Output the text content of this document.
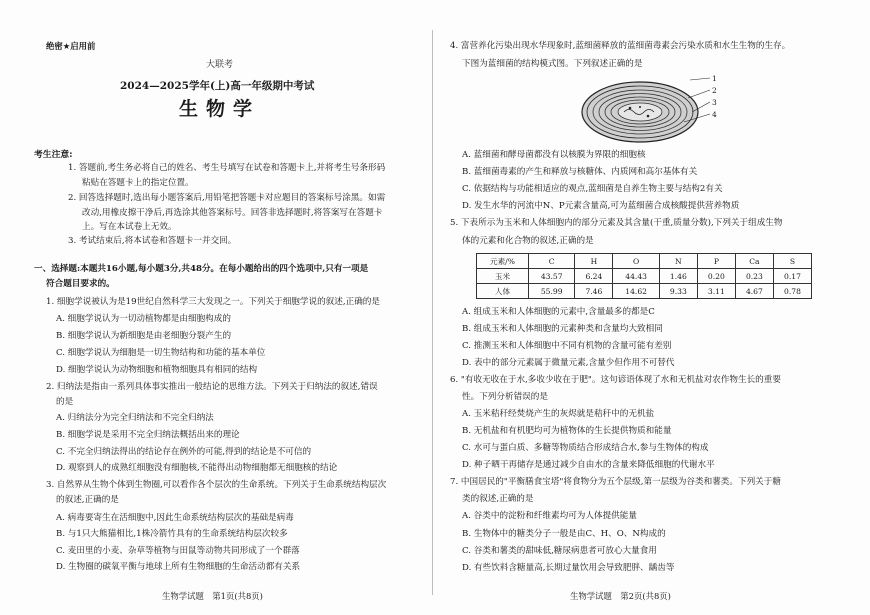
绝密★启用前
大联考
2024—2025学年(上)高一年级期中考试
生物学
考生注意:
1. 答题前,考生务必将自己的姓名、考生号填写在试卷和答题卡上,并将考生号条形码
粘贴在答题卡上的指定位置。
2. 回答选择题时,选出每小题答案后,用铅笔把答题卡对应题目的答案标号涂黑。如需
改动,用橡皮擦干净后,再选涂其他答案标号。回答非选择题时,将答案写在答题卡
上。写在本试卷上无效。
3. 考试结束后,将本试卷和答题卡一并交回。
一、选择题:本题共16小题,每小题3分,共48分。在每小题给出的四个选项中,只有一项是
符合题目要求的。
1. 细胞学说被认为是19世纪自然科学三大发现之一。下列关于细胞学说的叙述,正确的是
A. 细胞学说认为一切动植物都是由细胞构成的
B. 细胞学说认为新细胞是由老细胞分裂产生的
C. 细胞学说认为细胞是一切生物结构和功能的基本单位
D. 细胞学说认为动物细胞和植物细胞具有相同的结构
2. 归纳法是指由一系列具体事实推出一般结论的思维方法。下列关于归纳法的叙述,错误
的是
A. 归纳法分为完全归纳法和不完全归纳法
B. 细胞学说是采用不完全归纳法概括出来的理论
C. 不完全归纳法得出的结论存在例外的可能,得到的结论是不可信的
D. 观察到人的成熟红细胞没有细胞核,不能得出动物细胞都无细胞核的结论
3. 自然界从生物个体到生物圈,可以看作各个层次的生命系统。下列关于生命系统结构层次
的叙述,正确的是
A. 病毒要寄生在活细胞中,因此生命系统结构层次的基础是病毒
B. 与1只大熊猫相比,1株冷箭竹具有的生命系统结构层次较多
C. 麦田里的小麦、杂草等植物与田鼠等动物共同形成了一个群落
D. 生物圈的碳氧平衡与地球上所有生物细胞的生命活动都有关系
生物学试题　第1页(共8页)
4. 富营养化污染出现水华现象时,蓝细菌释放的蓝细菌毒素会污染水质和水生生物的生存。
下图为蓝细菌的结构模式图。下列叙述正确的是
1
2
3
4
A. 蓝细菌和酵母菌都没有以核膜为界限的细胞核
B. 蓝细菌毒素的产生和释放与核糖体、内质网和高尔基体有关
C. 依据结构与功能相适应的观点,蓝细菌是自养生物主要与结构2有关
D. 发生水华的河流中N、P元素含量高,可为蓝细菌合成核酸提供营养物质
5. 下表所示为玉米和人体细胞内的部分元素及其含量(干重,质量分数),下列关于组成生物
体的元素和化合物的叙述,正确的是
元素/%	C	H	O	N	P	Ca	S
玉米	43.57	6.24	44.43	1.46	0.20	0.23	0.17
人体	55.99	7.46	14.62	9.33	3.11	4.67	0.78
A. 组成玉米和人体细胞的元素中,含量最多的都是C
B. 组成玉米和人体细胞的元素种类和含量均大致相同
C. 推测玉米和人体细胞中不同有机物的含量可能有差别
D. 表中的部分元素属于微量元素,含量少但作用不可替代
6. "有收无收在于水,多收少收在于肥"。这句谚语体现了水和无机盐对农作物生长的重要
性。下列分析错误的是
A. 玉米秸秆经焚烧产生的灰烬就是秸秆中的无机盐
B. 无机盐和有机肥均可为植物体的生长提供物质和能量
C. 水可与蛋白质、多糖等物质结合形成结合水,参与生物体的构成
D. 种子晒干再储存是通过减少自由水的含量来降低细胞的代谢水平
7. 中国居民的"平衡膳食宝塔"将食物分为五个层级,第一层级为谷类和薯类。下列关于糖
类的叙述,正确的是
A. 谷类中的淀粉和纤维素均可为人体提供能量
B. 生物体中的糖类分子一般是由C、H、O、N构成的
C. 谷类和薯类的甜味低,糖尿病患者可放心大量食用
D. 有些饮料含糖量高,长期过量饮用会导致肥胖、龋齿等
生物学试题　第2页(共8页)
